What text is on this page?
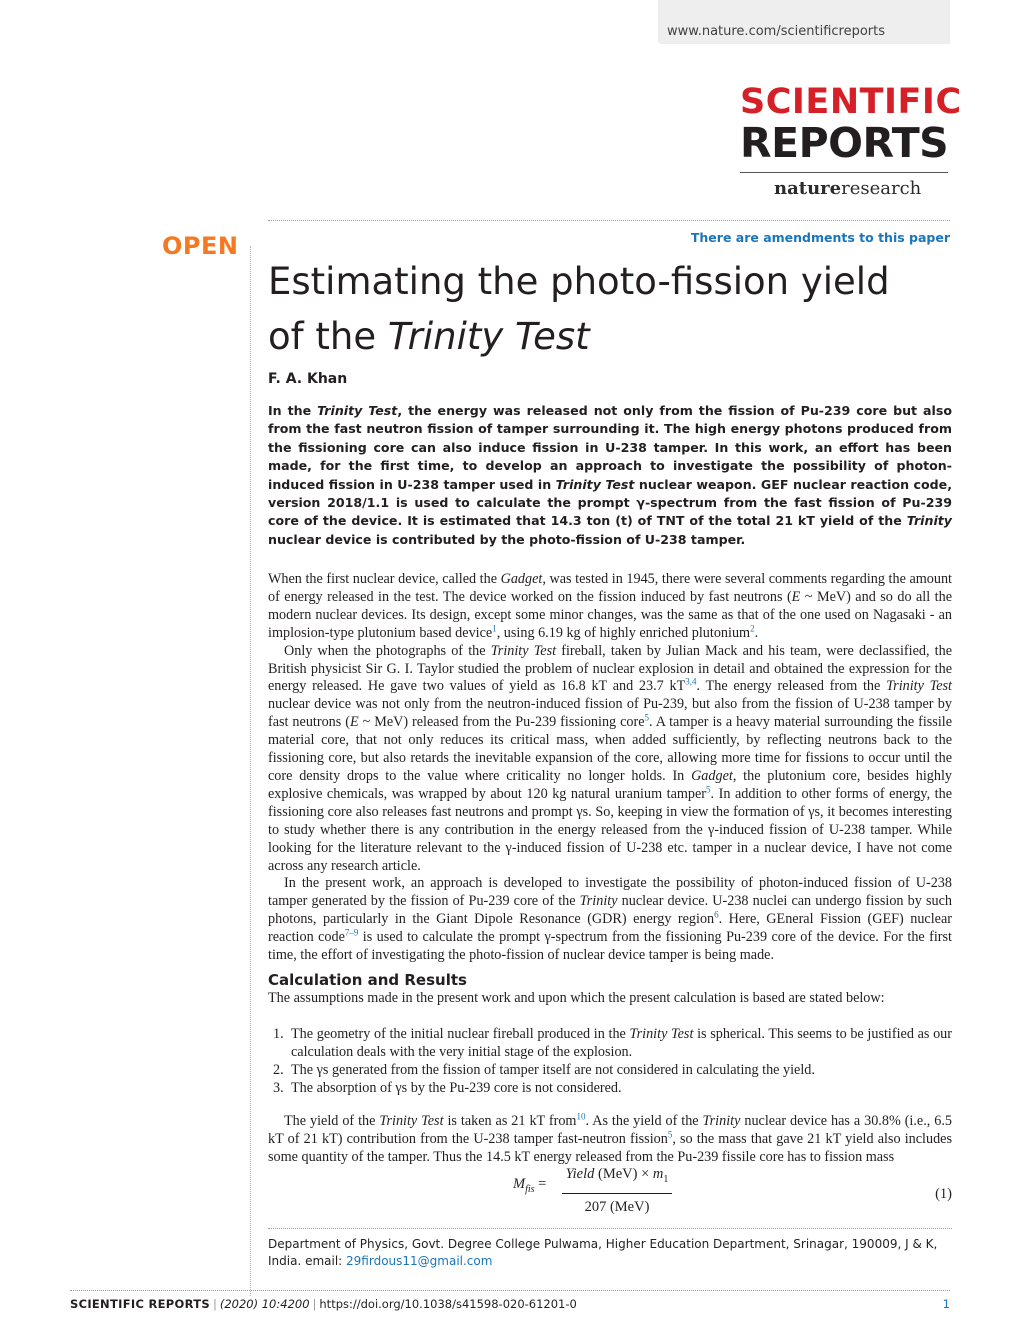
www.nature.com/scientificreports
SCIENTIFIC
REPORTS
natureresearch
There are amendments to this paper
OPEN
Estimating the photo-fission yield
of the Trinity Test
F. A. Khan
In the Trinity Test, the energy was released not only from the fission of Pu-239 core but also from the fast neutron fission of tamper surrounding it. The high energy photons produced from the fissioning core can also induce fission in U-238 tamper. In this work, an effort has been made, for the first time, to develop an approach to investigate the possibility of photon-induced fission in U-238 tamper used in Trinity Test nuclear weapon. GEF nuclear reaction code, version 2018/1.1 is used to calculate the prompt γ-spectrum from the fast fission of Pu-239 core of the device. It is estimated that 14.3 ton (t) of TNT of the total 21 kT yield of the Trinity nuclear device is contributed by the photo-fission of U-238 tamper.

When the first nuclear device, called the Gadget, was tested in 1945, there were several comments regarding the amount of energy released in the test. The device worked on the fission induced by fast neutrons (E ~ MeV) and so do all the modern nuclear devices. Its design, except some minor changes, was the same as that of the one used on Nagasaki - an implosion-type plutonium based device$^1$, using 6.19 kg of highly enriched plutonium$^2$.

Only when the photographs of the Trinity Test fireball, taken by Julian Mack and his team, were declassified, the British physicist Sir G. I. Taylor studied the problem of nuclear explosion in detail and obtained the expression for the energy released. He gave two values of yield as 16.8 kT and 23.7 kT$^{3,4}$. The energy released from the Trinity Test nuclear device was not only from the neutron-induced fission of Pu-239, but also from the fission of U-238 tamper by fast neutrons (E ~ MeV) released from the Pu-239 fissioning core$^5$. A tamper is a heavy material surrounding the fissile material core, that not only reduces its critical mass, when added sufficiently, by reflecting neutrons back to the fissioning core, but also retards the inevitable expansion of the core, allowing more time for fissions to occur until the core density drops to the value where criticality no longer holds. In Gadget, the plutonium core, besides highly explosive chemicals, was wrapped by about 120 kg natural uranium tamper$^5$. In addition to other forms of energy, the fissioning core also releases fast neutrons and prompt γs. So, keeping in view the formation of γs, it becomes interesting to study whether there is any contribution in the energy released from the γ-induced fission of U-238 tamper. While looking for the literature relevant to the γ-induced fission of U-238 etc. tamper in a nuclear device, I have not come across any research article.

In the present work, an approach is developed to investigate the possibility of photon-induced fission of U-238 tamper generated by the fission of Pu-239 core of the Trinity nuclear device. U-238 nuclei can undergo fission by such photons, particularly in the Giant Dipole Resonance (GDR) energy region$^6$. Here, GEneral Fission (GEF) nuclear reaction code$^{7-9}$ is used to calculate the prompt γ-spectrum from the fissioning Pu-239 core of the device. For the first time, the effort of investigating the photo-fission of nuclear device tamper is being made.

Calculation and Results

The assumptions made in the present work and upon which the present calculation is based are stated below:

1. The geometry of the initial nuclear fireball produced in the Trinity Test is spherical. This seems to be justified as our calculation deals with the very initial stage of the explosion.
2. The γs generated from the fission of tamper itself are not considered in calculating the yield.
3. The absorption of γs by the Pu-239 core is not considered.

The yield of the Trinity Test is taken as 21 kT from$^{10}$. As the yield of the Trinity nuclear device has a 30.8% (i.e., 6.5 kT of 21 kT) contribution from the U-238 tamper fast-neutron fission$^5$, so the mass that gave 21 kT yield also includes some quantity of the tamper. Thus the 14.5 kT energy released from the Pu-239 fissile core has to fission mass

$M_{fis}$ =
Yield $(MeV) \times m_1$
207 (MeV)
(1)
Department of Physics, Govt. Degree College Pulwama, Higher Education Department, Srinagar, 190009, J & K, India. email: 29firdous11@gmail.com
SCIENTIFIC REPORTS | (2020) 10:4200 | https://doi.org/10.1038/s41598-020-61201-0	1
